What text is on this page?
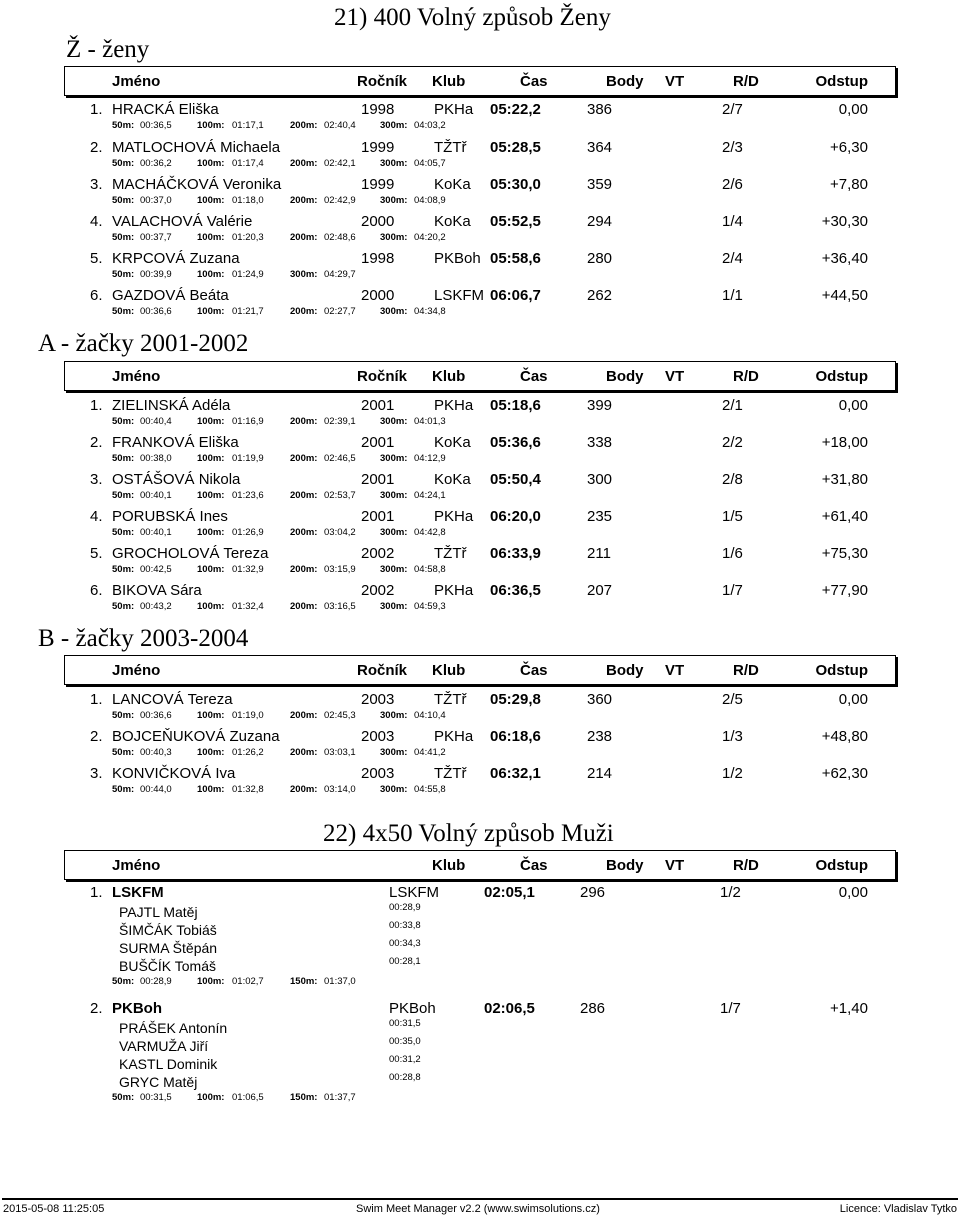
21) 400 Volný způsob Ženy
Ž - ženy
Jméno	Ročník Klub	Čas	Body VT	R/D	Odstup
1. HRACKÁ Eliška	1998	PKHa 05:22,2	386	2/7	0,00
50m: 00:36,5	100m: 01:17,1	200m: 02:40,4	300m: 04:03,2
2. MATLOCHOVÁ Michaela	1999	TŽTř 05:28,5	364	2/3	+6,30
50m: 00:36,2	100m: 01:17,4	200m: 02:42,1	300m: 04:05,7
3. MACHÁČKOVÁ Veronika	1999	KoKa 05:30,0	359	2/6	+7,80
50m: 00:37,0	100m: 01:18,0	200m: 02:42,9	300m: 04:08,9
4. VALACHOVÁ Valérie	2000	KoKa 05:52,5	294	1/4	+30,30
50m: 00:37,7	100m: 01:20,3	200m: 02:48,6	300m: 04:20,2
5. KRPCOVÁ Zuzana	1998	PKBoh 05:58,6	280	2/4	+36,40
50m: 00:39,9	100m: 01:24,9	300m: 04:29,7
6. GAZDOVÁ Beáta	2000	LSKFM 06:06,7	262	1/1	+44,50
50m: 00:36,6	100m: 01:21,7	200m: 02:27,7	300m: 04:34,8
A - žačky 2001-2002
Jméno	Ročník Klub	Čas	Body VT	R/D	Odstup
1. ZIELINSKÁ Adéla	2001	PKHa 05:18,6	399	2/1	0,00
50m: 00:40,4	100m: 01:16,9	200m: 02:39,1	300m: 04:01,3
2. FRANKOVÁ Eliška	2001	KoKa 05:36,6	338	2/2	+18,00
50m: 00:38,0	100m: 01:19,9	200m: 02:46,5	300m: 04:12,9
3. OSTÁŠOVÁ Nikola	2001	KoKa 05:50,4	300	2/8	+31,80
50m: 00:40,1	100m: 01:23,6	200m: 02:53,7	300m: 04:24,1
4. PORUBSKÁ Ines	2001	PKHa 06:20,0	235	1/5	+61,40
50m: 00:40,1	100m: 01:26,9	200m: 03:04,2	300m: 04:42,8
5. GROCHOLOVÁ Tereza	2002	TŽTř 06:33,9	211	1/6	+75,30
50m: 00:42,5	100m: 01:32,9	200m: 03:15,9	300m: 04:58,8
6. BIKOVA Sára	2002	PKHa 06:36,5	207	1/7	+77,90
50m: 00:43,2	100m: 01:32,4	200m: 03:16,5	300m: 04:59,3
B - žačky 2003-2004
Jméno	Ročník Klub	Čas	Body VT	R/D	Odstup
1. LANCOVÁ Tereza	2003	TŽTř 05:29,8	360	2/5	0,00
50m: 00:36,6	100m: 01:19,0	200m: 02:45,3	300m: 04:10,4
2. BOJCEŇUKOVÁ Zuzana	2003	PKHa 06:18,6	238	1/3	+48,80
50m: 00:40,3	100m: 01:26,2	200m: 03:03,1	300m: 04:41,2
3. KONVIČKOVÁ Iva	2003	TŽTř 06:32,1	214	1/2	+62,30
50m: 00:44,0	100m: 01:32,8	200m: 03:14,0	300m: 04:55,8
22) 4x50 Volný způsob Muži
Jméno	Klub	Čas	Body VT	R/D	Odstup
1. LSKFM	LSKFM	02:05,1	296	1/2	0,00
PAJTL Matěj	00:28,9
ŠIMČÁK Tobiáš	00:33,8
SURMA Štěpán	00:34,3
BUŠČÍK Tomáš	00:28,1
50m: 00:28,9	100m: 01:02,7	150m: 01:37,0
2. PKBoh	PKBoh	02:06,5	286	1/7	+1,40
PRÁŠEK Antonín	00:31,5
VARMUŽA Jiří	00:35,0
KASTL Dominik	00:31,2
GRYC Matěj	00:28,8
50m: 00:31,5	100m: 01:06,5	150m: 01:37,7
2015-05-08 11:25:05	Swim Meet Manager v2.2 (www.swimsolutions.cz)	Licence: Vladislav Tytko
